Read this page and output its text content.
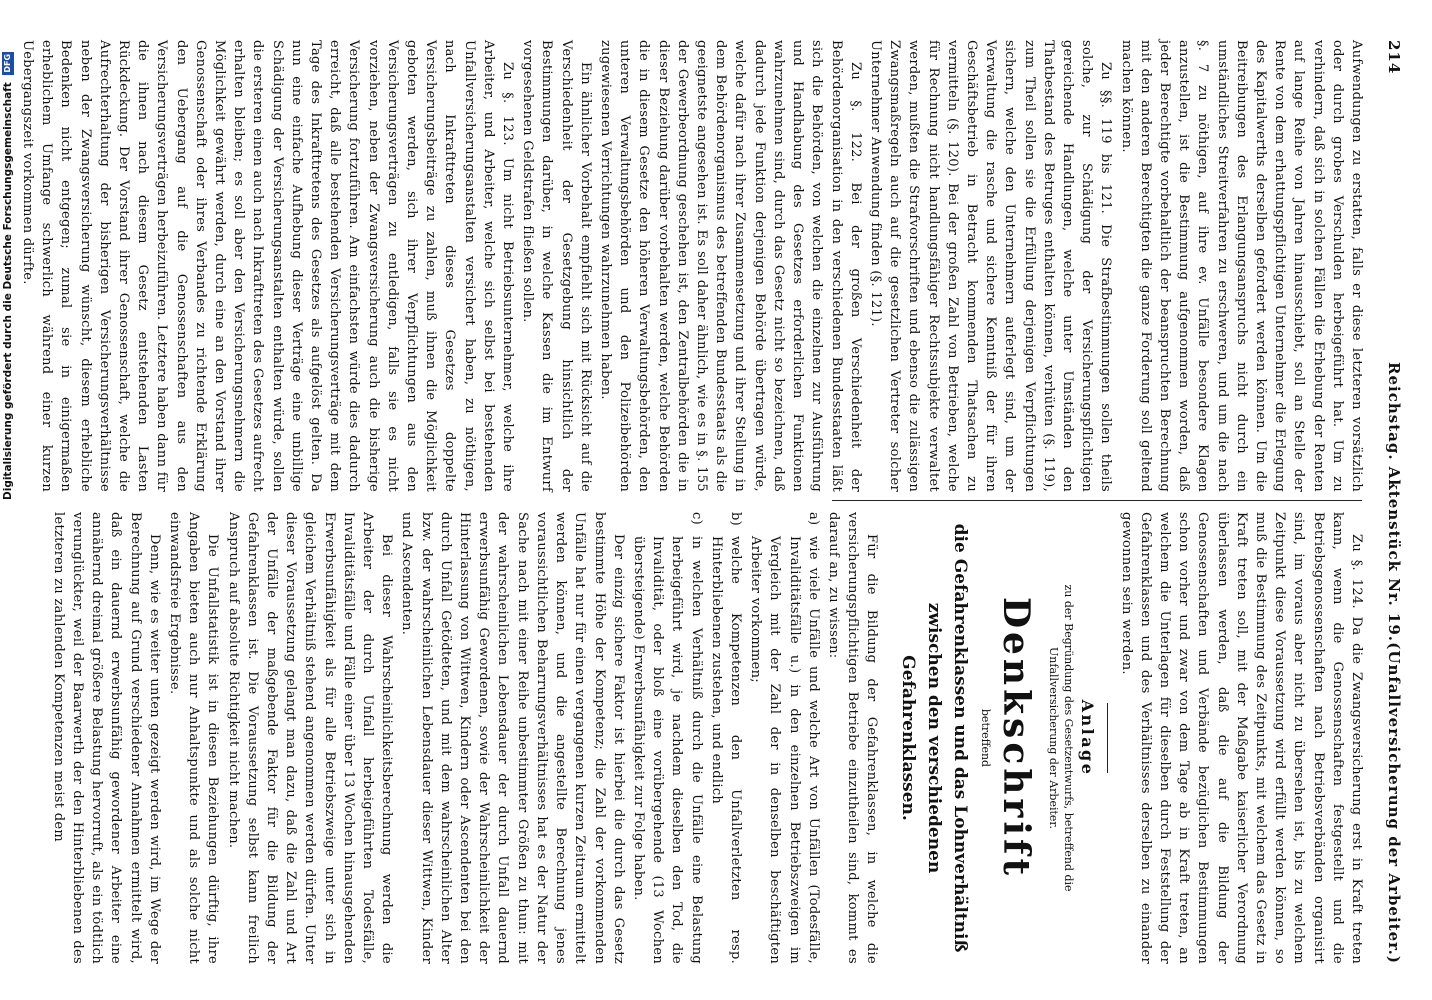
214
Reichstag. Aktenstück Nr. 19.
(Unfallversicherung der Arbeiter.)

Aufwendungen zu erstatten, falls er diese letzteren vorsätzlich oder durch grobes Verschulden herbeigeführt hat. Um zu verhindern, daß sich in solchen Fällen die Erhebung der Renten auf lange Reihe von Jahren hinausschiebt, soll an Stelle der Rente von dem erhattungspflichtigen Unternehmer die Erlegung des Kapitalwerths derselben gefordert werden können. Um die Beitreibungen des Erlangungsanspruchs nicht durch ein umständliches Streitverfahren zu erschweren, und um die nach §. 7 zu nöthigen, auf ihre ev. Unfälle besondere Klagen anzustellen, ist die Bestimmung aufgenommen worden, daß jeder Berechtigte vorbehaltlich der beanspruchten Berechnung mit den anderen Berechtigten die ganze Forderung soll geltend machen können.

Zu §§. 119 bis 121. Die Strafbestimmungen sollen theils solche, zur Schädigung der Versicherungspflichtigen gereichende Handlungen, welche unter Umständen den Thatbestand des Betruges enthalten können, verhüten (§. 119), zum Theil sollen sie die Erfüllung derjenigen Verpflichtungen sichern, welche den Unternehmern auferlegt sind, um der Verwaltung die rasche und sichere Kenntniß der für ihren Geschäftsbetrieb in Betracht kommenden Thatsachen zu vermitteln (§. 120). Bei der großen Zahl von Betrieben, welche für Rechnung nicht handlungsfähiger Rechtssubjekte verwaltet werden, mußten die Strafvorschriften und ebenso die zulässigen Zwangsmaßregeln auch auf die gesetzlichen Vertreter solcher Unternehmer Anwendung finden (§. 121).

Zu §. 122. Bei der großen Verschiedenheit der Behördenorganisation in den verschiedenen Bundesstaaten läßt sich die Behörden, von welchen die einzelnen zur Ausführung und Handhabung des Gesetzes erforderlichen Funktionen wahrzunehmen sind, durch das Gesetz nicht so bezeichnen, daß dadurch jede Funktion derjenigen Behörde übertragen würde, welche dafür nach ihrer Zusammensetzung und ihrer Stellung in dem Behördenorganismus des betreffenden Bundesstaats als die geeignetste angesehen ist. Es soll daher ähnlich, wie es in §. 155 der Gewerbeordnung geschehen ist, den Zentralbehörden die in dieser Beziehung darüber vorbehalten werden, welche Behörden die in diesem Gesetze den höheren Verwaltungsbehörden, den unteren Verwaltungsbehörden und den Polizeibehörden zugewiesenen Verrichtungen wahrzunehmen haben.

Ein ähnlicher Vorbehalt empfiehlt sich mit Rücksicht auf die Verschiedenheit der Gesetzgebung hinsichtlich der Bestimmungen darüber, in welche Kassen die im Entwurf vorgesehenen Geldstrafen fließen sollen.

Zu §. 123. Um nicht Betriebsunternehmer, welche ihre Arbeiter, und Arbeiter, welche sich selbst bei bestehenden Unfallversicherungsanstalten versichert haben, zu nöthigen, nach Inkrafttreten dieses Gesetzes doppelte Versicherungsbeiträge zu zahlen, muß ihnen die Möglichkeit geboten werden, sich ihrer Verpflichtungen aus den Versicherungsverträgen zu entledigen, falls sie es nicht vorziehen, neben der Zwangsversicherung auch die bisherige Versicherung fortzuführen. Am einfachsten würde dies dadurch erreicht, daß alle bestehenden Versicherungsverträge mit dem Tage des Inkrafttretens des Gesetzes als aufgelöst gelten. Da nun eine einfache Aufhebung dieser Verträge eine unbillige Schädigung der Versicherungsanstalten enthalten würde, sollen die ersteren einen auch nach Inkrafttreten des Gesetzes aufrecht erhalten bleiben; es soll aber den Versicherungsnehmern die Möglichkeit gewährt werden, durch eine an den Vorstand ihrer Genossenschaft oder ihres Verbandes zu richtende Erklärung den Uebergang auf die Genossenschaften aus den Versicherungsverträgen herbeizuführen. Letztere haben dann für die ihnen nach diesem Gesetz entstehenden Lasten Rückdeckung. Der Vorstand ihrer Genossenschaft, welche die Aufrechterhaltung der bisherigen Versicherungsverhältnisse neben der Zwangsversicherung wünscht, diesem erhebliche Bedenken nicht entgegen; zumal sie in einigermaßen erheblichem Umfange schwerlich während einer kurzen Uebergangszeit vorkommen dürfte.

Zu §. 124. Da die Zwangsversicherung erst in Kraft treten kann, wenn die Genossenschaften festgestellt und die Betriebsgenossenschaften nach Betriebsverbänden organisirt sind, im voraus aber nicht zu übersehen ist, bis zu welchem Zeitpunkt diese Voraussetzung wird erfüllt werden können, so muß die Bestimmung des Zeitpunkts, mit welchem das Gesetz in Kraft treten soll, mit der Maßgabe kaiserlicher Verordnung überlassen werden, daß die auf die Bildung der Genossenschaften und Verbände bezüglichen Bestimmungen schon vorher und zwar von dem Tage ab in Kraft treten, an welchem die Unterlagen für dieselben durch Feststellung der Gefahrenklassen und des Verhältnisses derselben zu einander gewonnen sein werden.

Anlage
zu der Begründung des Gesetzentwurfs, betreffend die Unfallversicherung der Arbeiter.
Denkschrift
betreffend
die Gefahrenklassen und das Lohnverhältniß zwischen den verschiedenen Gefahrenklassen.

Für die Bildung der Gefahrenklassen, in welche die versicherungspflichtigen Betriebe einzutheilen sind, kommt es darauf an, zu wissen:

a)wie viele Unfälle und welche Art von Unfällen (Todesfälle, Invaliditätsfälle u.) in den einzelnen Betriebszweigen im Vergleich mit der Zahl der in denselben beschäftigten Arbeiter vorkommen;

b)welche Kompetenzen den Unfallverletzten resp. Hinterbliebenen zustehen, und endlich

c)in welchen Verhältniß durch die Unfälle eine Belastung herbeigeführt wird, je nachdem dieselben den Tod, die Invalidität, oder bloß eine vorübergehende (13 Wochen übersteigende) Erwerbsunfähigkeit zur Folge haben.

Der einzig sichere Faktor ist hierbei die durch das Gesetz bestimmte Höhe der Kompetenz; die Zahl der vorkommenden Unfälle hat nur für einen vergangenen kurzen Zeitraum ermittelt werden können, und die angestellte Berechnung jenes voraussichtlichen Beharrungsverhältnisses hat es der Natur der Sache nach mit einer Reihe unbestimmter Größen zu thun: mit der wahrscheinlichen Lebensdauer der durch Unfall dauernd erwerbsunfähig Gewordenen, sowie der Wahrscheinlichkeit der Hinterlassung von Wittwen, Kindern oder Ascendenten bei den durch Unfall Getödteten, und mit dem wahrscheinlichen Alter bzw. der wahrscheinlichen Lebensdauer dieser Wittwen, Kinder und Ascendenten.

Bei dieser Wahrscheinlichkeitsberechnung werden die Arbeiter der durch Unfall herbeigeführten Todesfälle, Invaliditätsfälle und Fälle einer über 13 Wochen hinausgehenden Erwerbsunfähigkeit als für alle Betriebszweige unter sich in gleichem Verhältniß stehend angenommen werden dürfen. Unter dieser Voraussetzung gelangt man dazu, daß die Zahl und Art der Unfälle der maßgebende Faktor für die Bildung der Gefahrenklassen ist. Die Voraussetzung selbst kann freilich Anspruch auf absolute Richtigkeit nicht machen.

Die Unfallstatistik ist in diesen Beziehungen dürftig, ihre Angaben bieten auch nur Anhaltspunkte und als solche nicht einwandsfreie Ergebnisse.

Denn, wie es weiter unten gezeigt werden wird, im Wege der Berechnung auf Grund verschiedener Annahmen ermittelt wird, daß ein dauernd erwerbsunfähig gewordener Arbeiter eine annähernd dreimal größere Belastung hervorruft, als ein tödtlich verunglückter, weil der Baarwerth der den Hinterbliebenen des letzteren zu zahlenden Kompetenzen meist dem

Digitalisierung gefördert durch die Deutsche Forschungsgemeinschaft DFG
